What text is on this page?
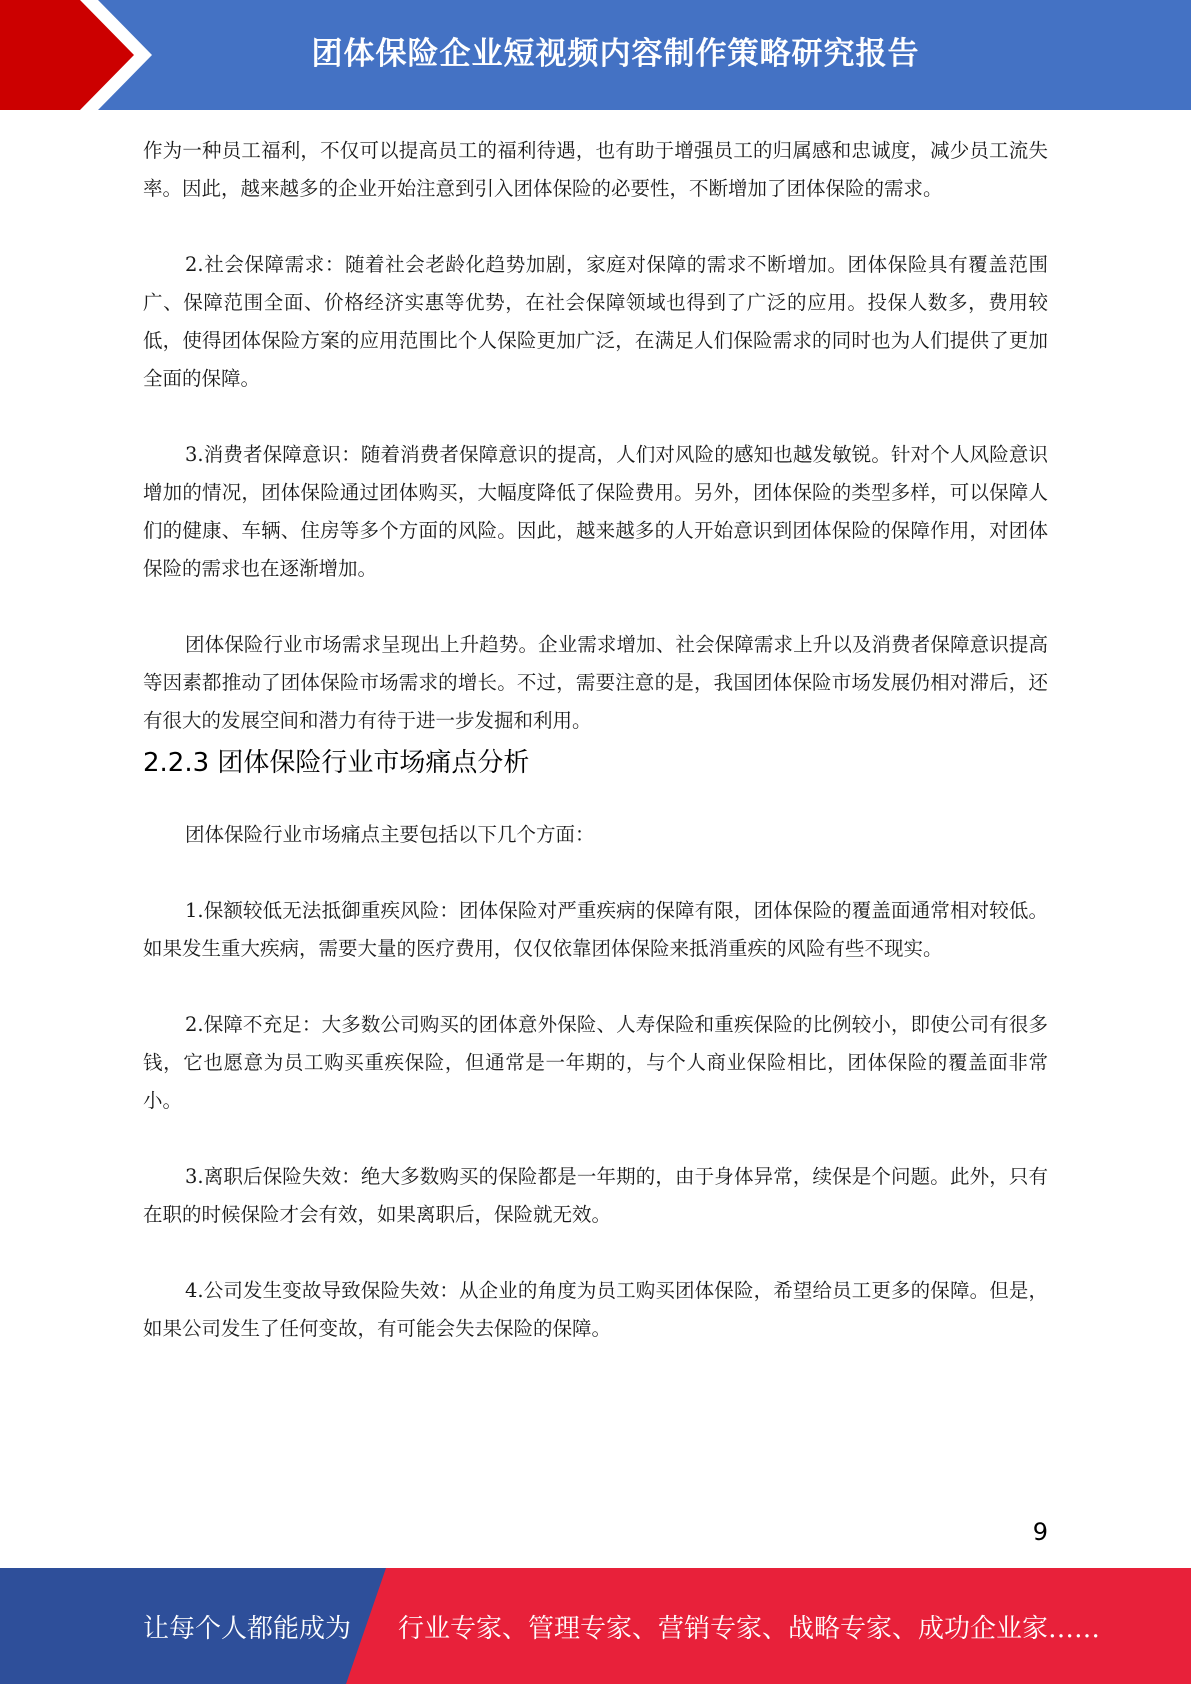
团体保险企业短视频内容制作策略研究报告

作为一种员工福利，不仅可以提高员工的福利待遇，也有助于增强员工的归属感和忠诚度，减少员工流失率。因此，越来越多的企业开始注意到引入团体保险的必要性，不断增加了团体保险的需求。

2.社会保障需求：随着社会老龄化趋势加剧，家庭对保障的需求不断增加。团体保险具有覆盖范围广、保障范围全面、价格经济实惠等优势，在社会保障领域也得到了广泛的应用。投保人数多，费用较低，使得团体保险方案的应用范围比个人保险更加广泛，在满足人们保险需求的同时也为人们提供了更加全面的保障。

3.消费者保障意识：随着消费者保障意识的提高，人们对风险的感知也越发敏锐。针对个人风险意识增加的情况，团体保险通过团体购买，大幅度降低了保险费用。另外，团体保险的类型多样，可以保障人们的健康、车辆、住房等多个方面的风险。因此，越来越多的人开始意识到团体保险的保障作用，对团体保险的需求也在逐渐增加。

团体保险行业市场需求呈现出上升趋势。企业需求增加、社会保障需求上升以及消费者保障意识提高等因素都推动了团体保险市场需求的增长。不过，需要注意的是，我国团体保险市场发展仍相对滞后，还有很大的发展空间和潜力有待于进一步发掘和利用。

2.2.3 团体保险行业市场痛点分析

团体保险行业市场痛点主要包括以下几个方面：

1.保额较低无法抵御重疾风险：团体保险对严重疾病的保障有限，团体保险的覆盖面通常相对较低。如果发生重大疾病，需要大量的医疗费用，仅仅依靠团体保险来抵消重疾的风险有些不现实。

2.保障不充足：大多数公司购买的团体意外保险、人寿保险和重疾保险的比例较小，即使公司有很多钱，它也愿意为员工购买重疾保险，但通常是一年期的，与个人商业保险相比，团体保险的覆盖面非常小。

3.离职后保险失效：绝大多数购买的保险都是一年期的，由于身体异常，续保是个问题。此外，只有在职的时候保险才会有效，如果离职后，保险就无效。

4.公司发生变故导致保险失效：从企业的角度为员工购买团体保险，希望给员工更多的保障。但是，如果公司发生了任何变故，有可能会失去保险的保障。

9
让每个人都能成为 行业专家、管理专家、营销专家、战略专家、成功企业家……
